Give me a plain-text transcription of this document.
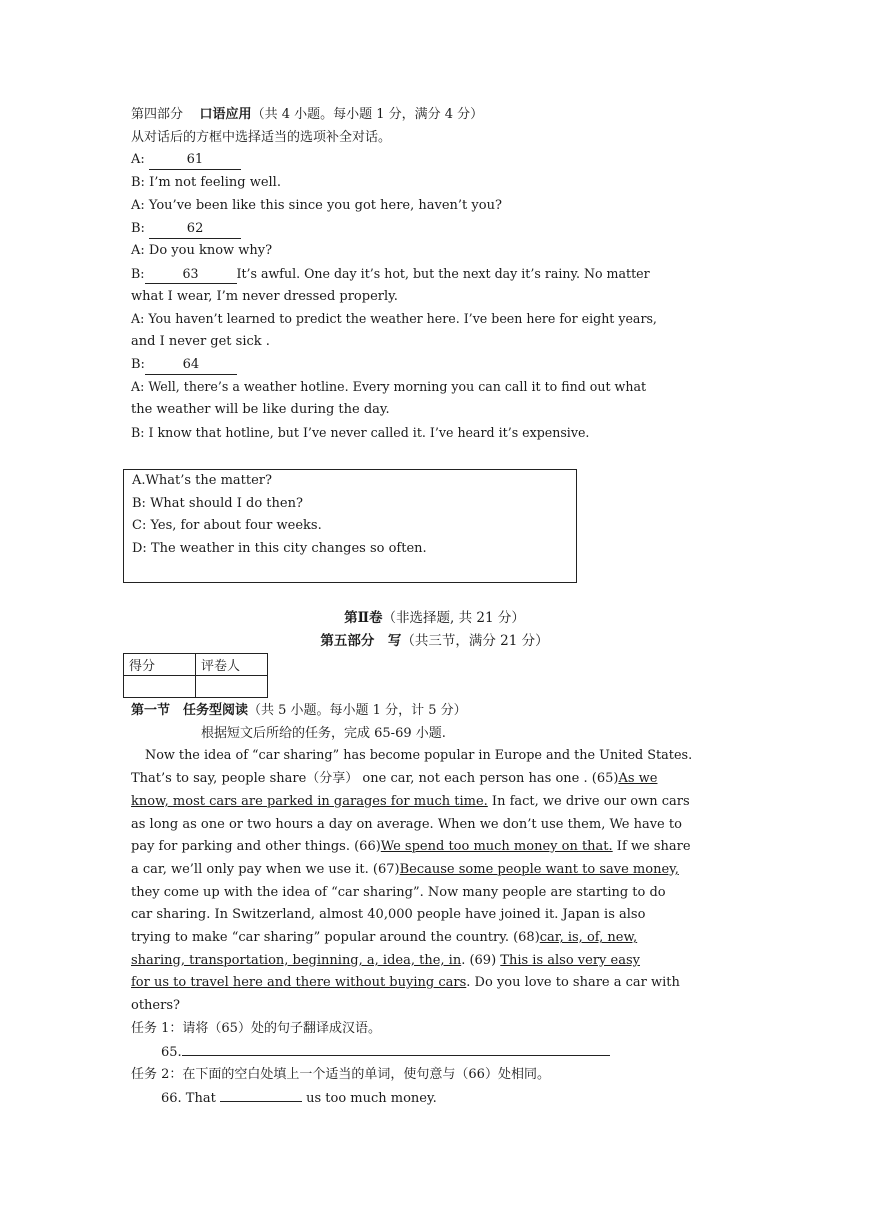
第四部分 口语应用（共 4 小题。每小题 1 分，满分 4 分）
从对话后的方框中选择适当的选项补全对话。
A:	61
B: I’m not feeling well.
A: You’ve been like this since you got here, haven’t you?
B:	62
A: Do you know why?
B:	63	It’s awful. One day it’s hot, but the next day it’s rainy. No matter
what I wear, I’m never dressed properly.
A: You haven’t learned to predict the weather here. I’ve been here for eight years,
and I never get sick .
B:	64
A: Well, there’s a weather hotline. Every morning you can call it to find out what
the weather will be like during the day.
B: I know that hotline, but I’ve never called it. I’ve heard it’s expensive.
A.What’s the matter?
B: What should I do then?
C: Yes, for about four weeks.
D: The weather in this city changes so often.
第Ⅱ卷（非选择题, 共 21 分）
第五部分　写（共三节，满分 21 分）
得分	评卷人

第一节　任务型阅读（共 5 小题。每小题 1 分，计 5 分）
根据短文后所给的任务，完成 65-69 小题.
Now the idea of “car sharing” has become popular in Europe and the United States.
That’s to say, people share（分享） one car, not each person has one . (65)As we
know, most cars are parked in garages for much time. In fact, we drive our own cars
as long as one or two hours a day on average. When we don’t use them, We have to
pay for parking and other things. (66)We spend too much money on that. If we share
a car, we’ll only pay when we use it. (67)Because some people want to save money,
they come up with the idea of “car sharing”. Now many people are starting to do
car sharing. In Switzerland, almost 40,000 people have joined it. Japan is also
trying to make “car sharing” popular around the country. (68)car, is, of, new,
sharing, transportation, beginning, a, idea, the, in. (69) This is also very easy
for us to travel here and there without buying cars. Do you love to share a car with
others?
任务 1：请将（65）处的句子翻译成汉语。
65.
任务 2：在下面的空白处填上一个适当的单词，使句意与（66）处相同。
66. That	us too much money.
